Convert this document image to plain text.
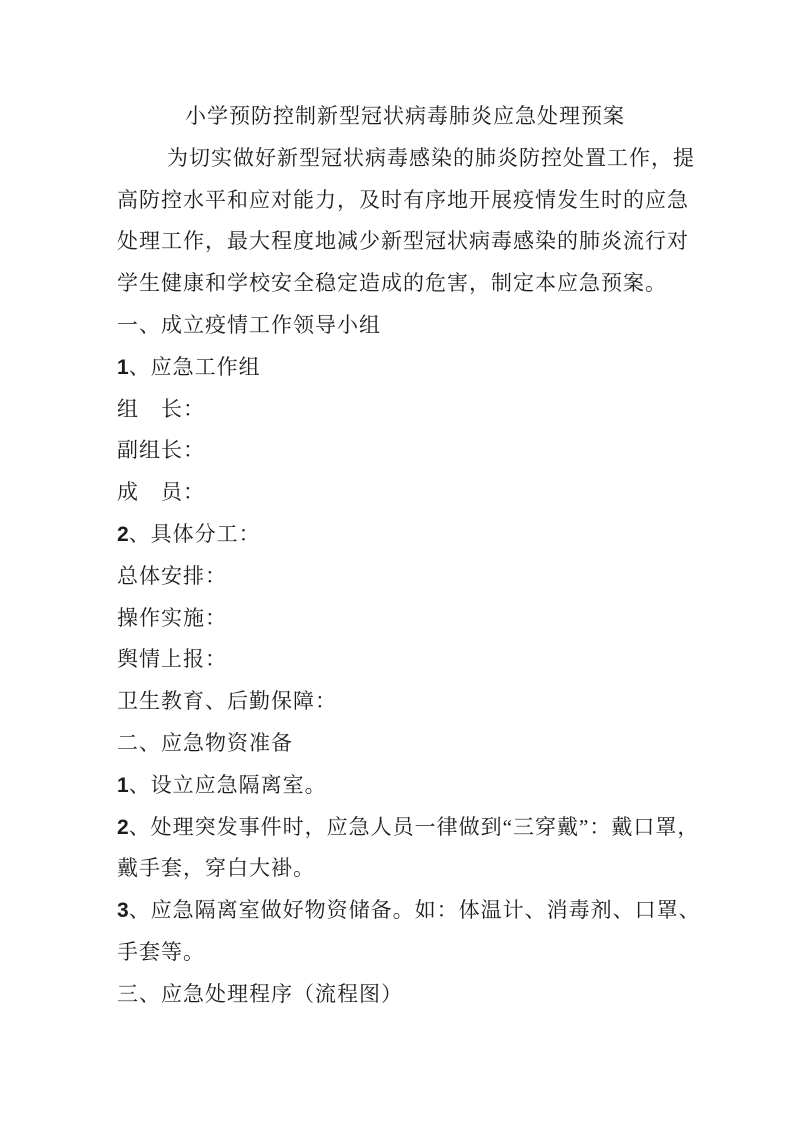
小学预防控制新型冠状病毒肺炎应急处理预案
为切实做好新型冠状病毒感染的肺炎防控处置工作，提
高防控水平和应对能力，及时有序地开展疫情发生时的应急
处理工作，最大程度地减少新型冠状病毒感染的肺炎流行对
学生健康和学校安全稳定造成的危害，制定本应急预案。
一、成立疫情工作领导小组
1、应急工作组
组　长：
副组长：
成　员：
2、具体分工：
总体安排：
操作实施：
舆情上报：
卫生教育、后勤保障：
二、应急物资准备
1、设立应急隔离室。
2、处理突发事件时，应急人员一律做到“三穿戴”：戴口罩，
戴手套，穿白大褂。
3、应急隔离室做好物资储备。如：体温计、消毒剂、口罩、
手套等。
三、应急处理程序（流程图）
